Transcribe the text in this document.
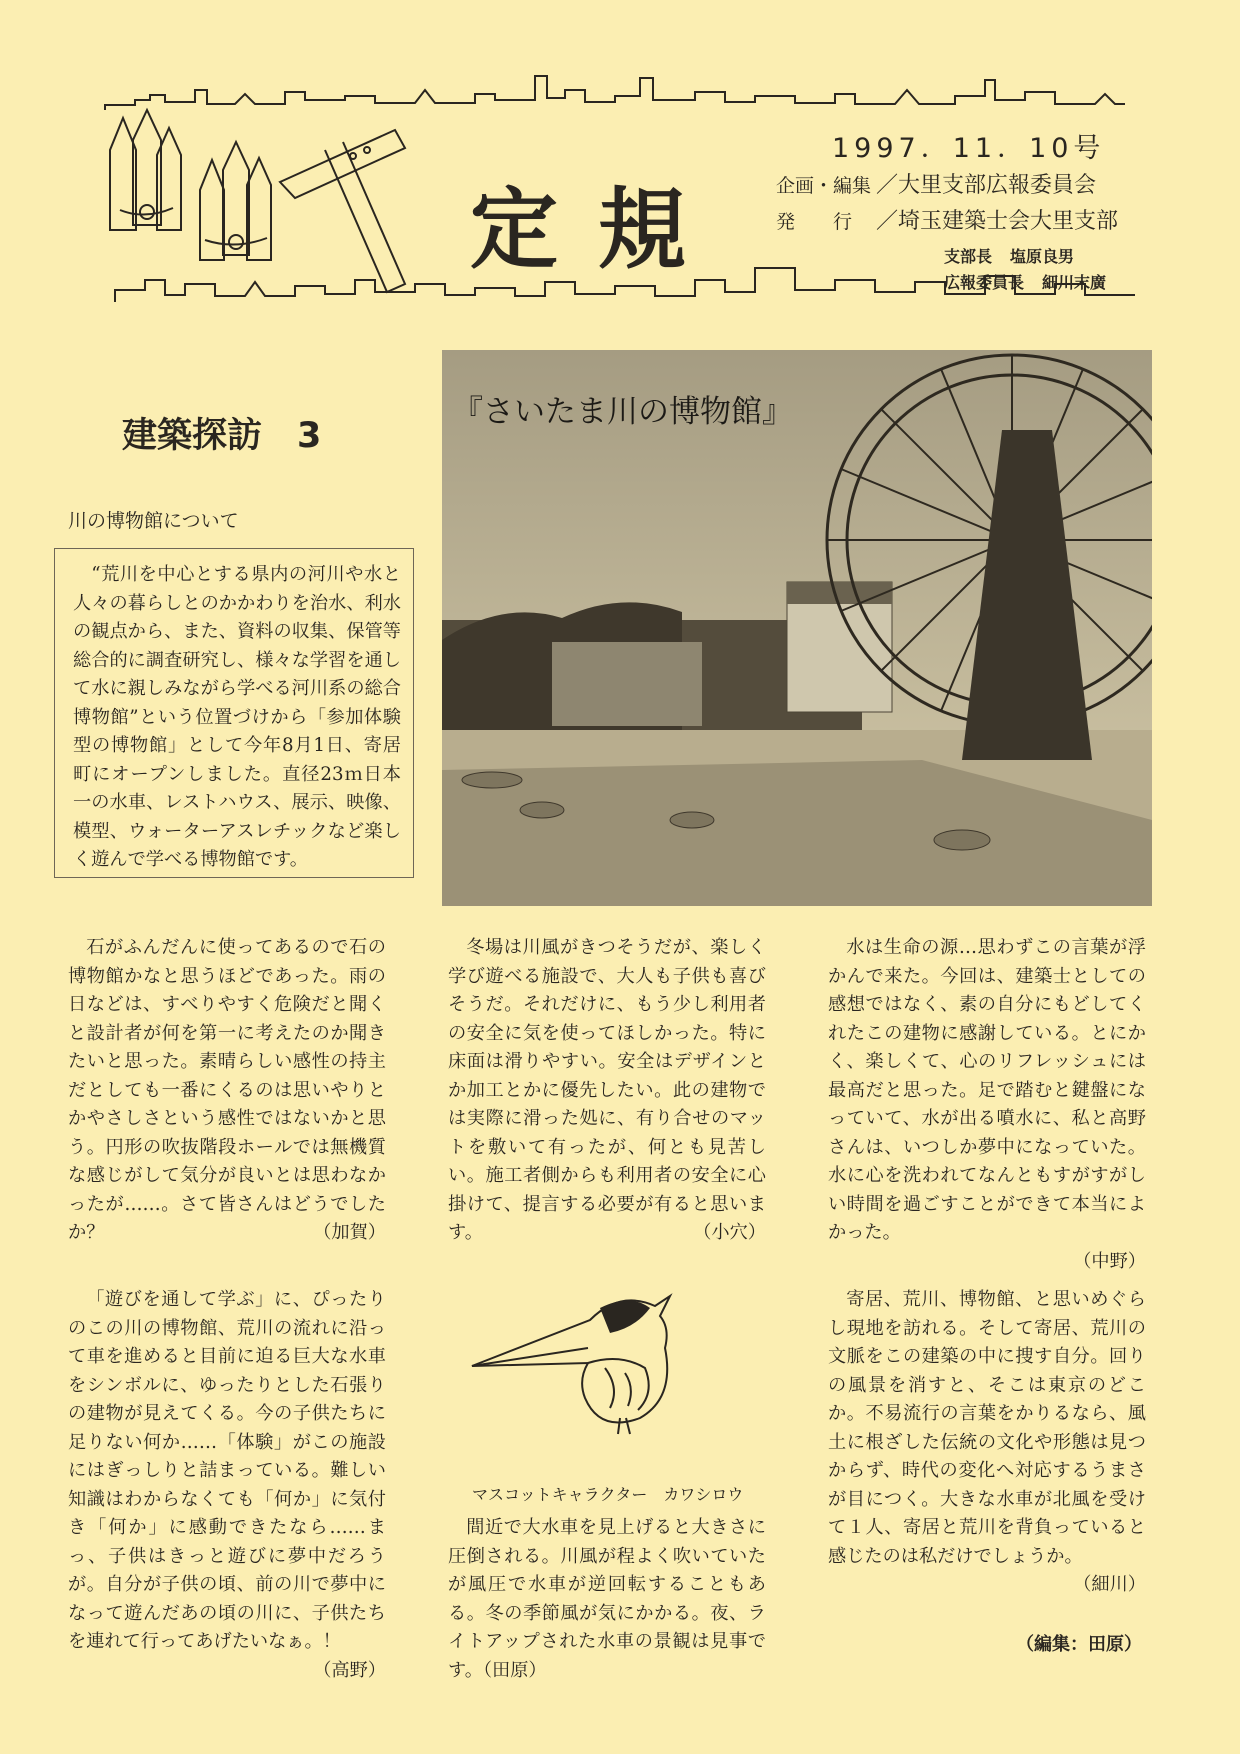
定規
1997．11．10号
企画・編集 ／大里支部広報委員会
発　　行 ／埼玉建築士会大里支部
支部長 塩原良男
広報委員長 細川末廣
建築探訪　3
川の博物館について

“荒川を中心とする県内の河川や水と人々の暮らしとのかかわりを治水、利水の観点から、また、資料の収集、保管等総合的に調査研究し、様々な学習を通して水に親しみながら学べる河川系の総合博物館”という位置づけから「参加体験型の博物館」として今年8月1日、寄居町にオープンしました。直径23ｍ日本一の水車、レストハウス、展示、映像、模型、ウォーターアスレチックなど楽しく遊んで学べる博物館です。

『さいたま川の博物館』

石がふんだんに使ってあるので石の博物館かなと思うほどであった。雨の日などは、すべりやすく危険だと聞くと設計者が何を第一に考えたのか聞きたいと思った。素晴らしい感性の持主だとしても一番にくるのは思いやりとかやさしさという感性ではないかと思う。円形の吹抜階段ホールでは無機質な感じがして気分が良いとは思わなかったが……。さて皆さんはどうでしたか？	（加賀）

冬場は川風がきつそうだが、楽しく学び遊べる施設で、大人も子供も喜びそうだ。それだけに、もう少し利用者の安全に気を使ってほしかった。特に床面は滑りやすい。安全はデザインとか加工とかに優先したい。此の建物では実際に滑った処に、有り合せのマットを敷いて有ったが、何とも見苦しい。施工者側からも利用者の安全に心掛けて、提言する必要が有ると思います。	（小穴）

水は生命の源…思わずこの言葉が浮かんで来た。今回は、建築士としての感想ではなく、素の自分にもどしてくれたこの建物に感謝している。とにかく、楽しくて、心のリフレッシュには最高だと思った。足で踏むと鍵盤になっていて、水が出る噴水に、私と高野さんは、いつしか夢中になっていた。水に心を洗われてなんともすがすがしい時間を過ごすことができて本当によかった。

（中野）

「遊びを通して学ぶ」に、ぴったりのこの川の博物館、荒川の流れに沿って車を進めると目前に迫る巨大な水車をシンボルに、ゆったりとした石張りの建物が見えてくる。今の子供たちに足りない何か……「体験」がこの施設にはぎっしりと詰まっている。難しい知識はわからなくても「何か」に気付き「何か」に感動できたなら……まっ、子供はきっと遊びに夢中だろうが。自分が子供の頃、前の川で夢中になって遊んだあの頃の川に、子供たちを連れて行ってあげたいなぁ。！

（高野）
マスコットキャラクター　カワシロウ

間近で大水車を見上げると大きさに圧倒される。川風が程よく吹いていたが風圧で水車が逆回転することもある。冬の季節風が気にかかる。夜、ライトアップされた水車の景観は見事です。（田原）

寄居、荒川、博物館、と思いめぐらし現地を訪れる。そして寄居、荒川の文脈をこの建築の中に捜す自分。回りの風景を消すと、そこは東京のどこか。不易流行の言葉をかりるなら、風土に根ざした伝統の文化や形態は見つからず、時代の変化へ対応するうまさが目につく。大きな水車が北風を受けて１人、寄居と荒川を背負っていると感じたのは私だけでしょうか。

（細川）
（編集：田原）
